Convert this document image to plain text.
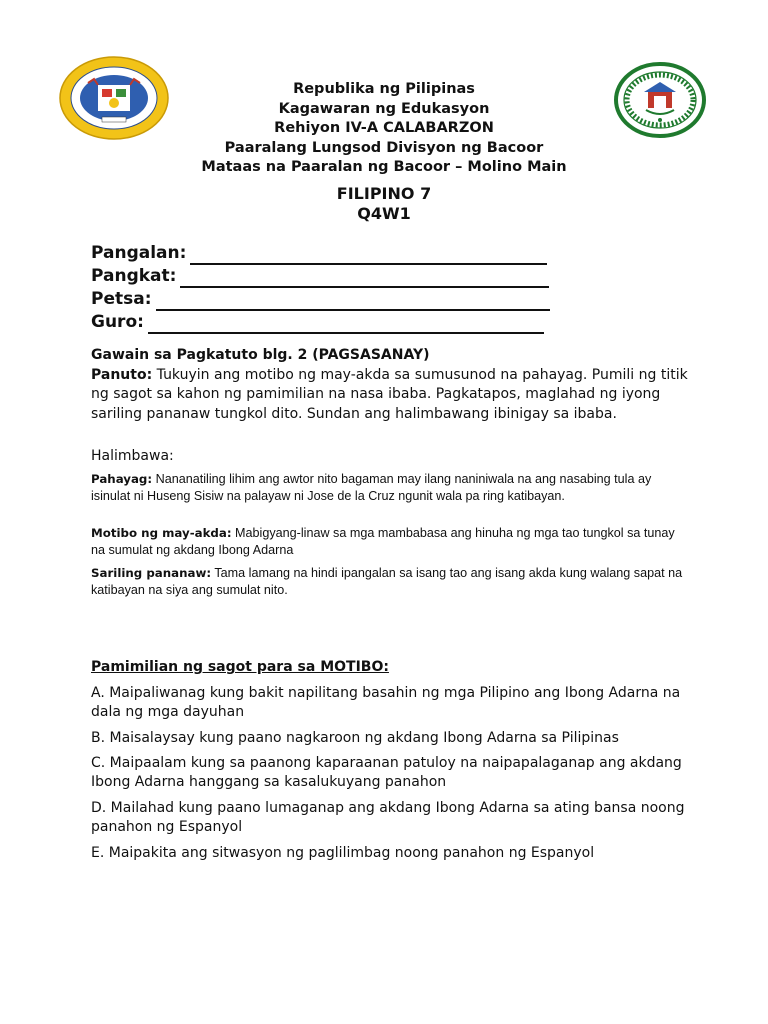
Republika ng Pilipinas
Kagawaran ng Edukasyon
Rehiyon IV-A CALABARZON
Paaralang Lungsod Divisyon ng Bacoor
Mataas na Paaralan ng Bacoor – Molino Main
FILIPINO 7
Q4W1
Pangalan:
Pangkat:
Petsa:
Guro:
Gawain sa Pagkatuto blg. 2 (PAGSASANAY)
Panuto: Tukuyin ang motibo ng may-akda sa sumusunod na pahayag. Pumili ng titik ng sagot sa kahon ng pamimilian na nasa ibaba. Pagkatapos, maglahad ng iyong sariling pananaw tungkol dito. Sundan ang halimbawang ibinigay sa ibaba.
Halimbawa:
Pahayag: Nananatiling lihim ang awtor nito bagaman may ilang naniniwala na ang nasabing tula ay isinulat ni Huseng Sisiw na palayaw ni Jose de la Cruz ngunit wala pa ring katibayan.
Motibo ng may-akda: Mabigyang-linaw sa mga mambabasa ang hinuha ng mga tao tungkol sa tunay na sumulat ng akdang Ibong Adarna
Sariling pananaw: Tama lamang na hindi ipangalan sa isang tao ang isang akda kung walang sapat na katibayan na siya ang sumulat nito.
Pamimilian ng sagot para sa MOTIBO:
A. Maipaliwanag kung bakit napilitang basahin ng mga Pilipino ang Ibong Adarna na dala ng mga dayuhan
B. Maisalaysay kung paano nagkaroon ng akdang Ibong Adarna sa Pilipinas
C. Maipaalam kung sa paanong kaparaanan patuloy na naipapalaganap ang akdang Ibong Adarna hanggang sa kasalukuyang panahon
D. Mailahad kung paano lumaganap ang akdang Ibong Adarna sa ating bansa noong panahon ng Espanyol
E. Maipakita ang sitwasyon ng paglilimbag noong panahon ng Espanyol
